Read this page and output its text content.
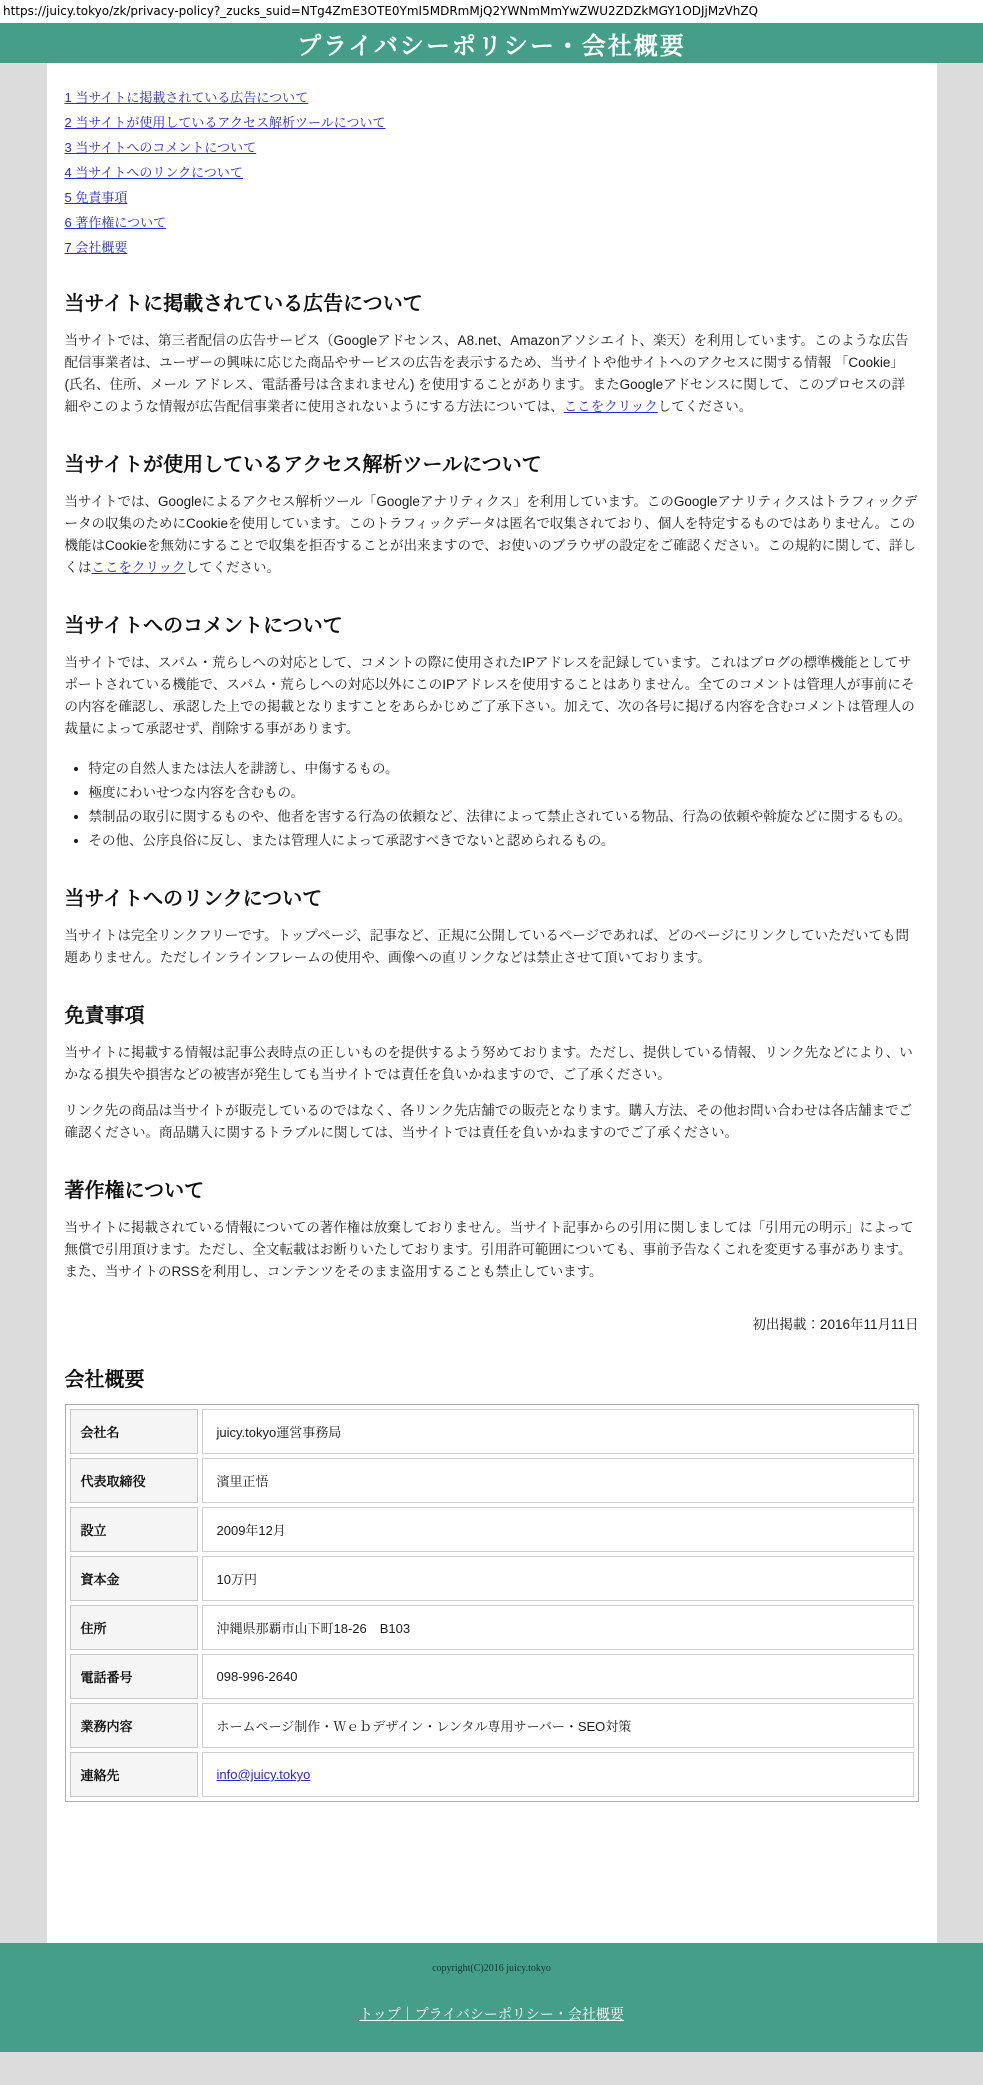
https://juicy.tokyo/zk/privacy-policy?_zucks_suid=NTg4ZmE3OTE0YmI5MDRmMjQ2YWNmMmYwZWU2ZDZkMGY1ODJjMzVhZQ
プライバシーポリシー・会社概要
1 当サイトに掲載されている広告について
2 当サイトが使用しているアクセス解析ツールについて
3 当サイトへのコメントについて
4 当サイトへのリンクについて
5 免責事項
6 著作権について
7 会社概要
当サイトに掲載されている広告について

当サイトでは、第三者配信の広告サービス（Googleアドセンス、A8.net、Amazonアソシエイト、楽天）を利用しています。このような広告配信事業者は、ユーザーの興味に応じた商品やサービスの広告を表示するため、当サイトや他サイトへのアクセスに関する情報 「Cookie」(氏名、住所、メール アドレス、電話番号は含まれません) を使用することがあります。またGoogleアドセンスに関して、このプロセスの詳細やこのような情報が広告配信事業者に使用されないようにする方法については、ここをクリックしてください。

当サイトが使用しているアクセス解析ツールについて

当サイトでは、Googleによるアクセス解析ツール「Googleアナリティクス」を利用しています。このGoogleアナリティクスはトラフィックデータの収集のためにCookieを使用しています。このトラフィックデータは匿名で収集されており、個人を特定するものではありません。この機能はCookieを無効にすることで収集を拒否することが出来ますので、お使いのブラウザの設定をご確認ください。この規約に関して、詳しくはここをクリックしてください。

当サイトへのコメントについて

当サイトでは、スパム・荒らしへの対応として、コメントの際に使用されたIPアドレスを記録しています。これはブログの標準機能としてサポートされている機能で、スパム・荒らしへの対応以外にこのIPアドレスを使用することはありません。全てのコメントは管理人が事前にその内容を確認し、承認した上での掲載となりますことをあらかじめご了承下さい。加えて、次の各号に掲げる内容を含むコメントは管理人の裁量によって承認せず、削除する事があります。

• 特定の自然人または法人を誹謗し、中傷するもの。
• 極度にわいせつな内容を含むもの。
• 禁制品の取引に関するものや、他者を害する行為の依頼など、法律によって禁止されている物品、行為の依頼や斡旋などに関するもの。
• その他、公序良俗に反し、または管理人によって承認すべきでないと認められるもの。
当サイトへのリンクについて

当サイトは完全リンクフリーです。トップページ、記事など、正規に公開しているページであれば、どのページにリンクしていただいても問題ありません。ただしインラインフレームの使用や、画像への直リンクなどは禁止させて頂いております。

免責事項

当サイトに掲載する情報は記事公表時点の正しいものを提供するよう努めております。ただし、提供している情報、リンク先などにより、いかなる損失や損害などの被害が発生しても当サイトでは責任を負いかねますので、ご了承ください。

リンク先の商品は当サイトが販売しているのではなく、各リンク先店舗での販売となります。購入方法、その他お問い合わせは各店舗までご確認ください。商品購入に関するトラブルに関しては、当サイトでは責任を負いかねますのでご了承ください。

著作権について

当サイトに掲載されている情報についての著作権は放棄しておりません。当サイト記事からの引用に関しましては「引用元の明示」によって無償で引用頂けます。ただし、全文転載はお断りいたしております。引用許可範囲についても、事前予告なくこれを変更する事があります。また、当サイトのRSSを利用し、コンテンツをそのまま盗用することも禁止しています。

初出掲載：2016年11月11日
会社概要
会社名	juicy.tokyo運営事務局
代表取締役	濱里正悟
設立	2009年12月
資本金	10万円
住所	沖縄県那覇市山下町18-26　B103
電話番号	098-996-2640
業務内容	ホームページ制作・Ｗｅｂデザイン・レンタル専用サーバー・SEO対策
連絡先	info@juicy.tokyo
copyright(C)2016 juicy.tokyo
トップ｜プライバシーポリシー・会社概要
